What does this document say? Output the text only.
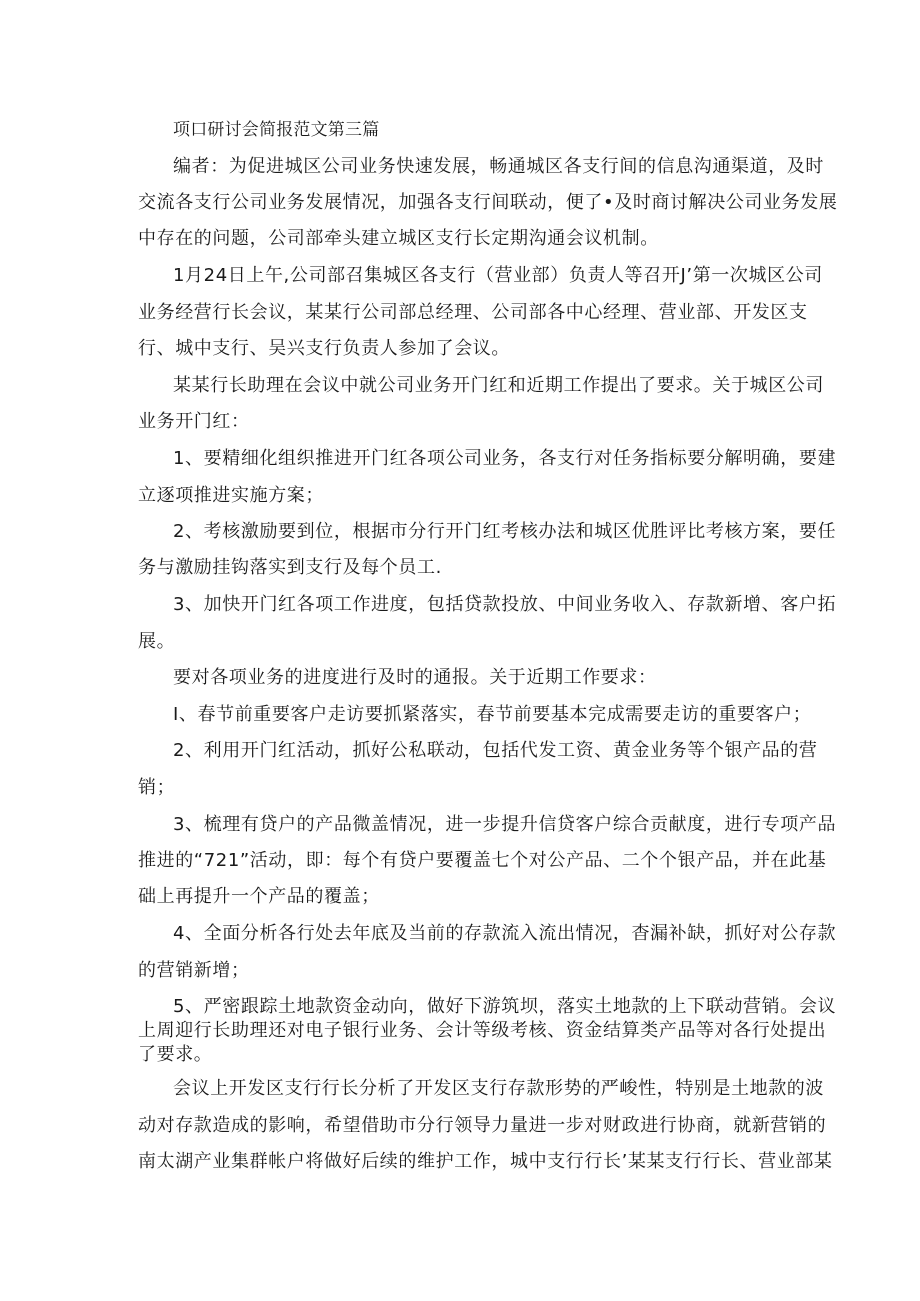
项口研讨会简报范文第三篇
编者：为促进城区公司业务快速发展，畅通城区各支行间的信息沟通渠道，及时
交流各支行公司业务发展情况，加强各支行间联动，便了•及时商讨解决公司业务发展
中存在的问题，公司部牵头建立城区支行长定期沟通会议机制。
1月24日上午,公司部召集城区各支行（营业部）负责人等召开J’第一次城区公司
业务经营行长会议，某某行公司部总经理、公司部各中心经理、营业部、开发区支
行、城中支行、吴兴支行负责人参加了会议。
某某行长助理在会议中就公司业务开门红和近期工作提出了要求。关于城区公司
业务开门红：
1、要精细化组织推进开门红各项公司业务，各支行对任务指标要分解明确，要建
立逐项推进实施方案；
2、考核激励要到位，根据市分行开门红考核办法和城区优胜评比考核方案，要任
务与激励挂钩落实到支行及每个员工.
3、加快开门红各项工作进度，包括贷款投放、中间业务收入、存款新增、客户拓
展。
要对各项业务的进度进行及时的通报。关于近期工作要求：
I、春节前重要客户走访要抓紧落实，春节前要基本完成需要走访的重要客户；
2、利用开门红活动，抓好公私联动，包括代发工资、黄金业务等个银产品的营
销；
3、梳理有贷户的产品微盖情况，进一步提升信贷客户综合贡献度，进行专项产品
推进的“721”活动，即：每个有贷户要覆盖七个对公产品、二个个银产品，并在此基
础上再提升一个产品的覆盖；
4、全面分析各行处去年底及当前的存款流入流出情况，杳漏补缺，抓好对公存款
的营销新增；
5、严密跟踪土地款资金动向，做好下游筑坝，落实土地款的上下联动营销。会议
上周迎行长助理还对电子银行业务、会计等级考核、资金结算类产品等对各行处提出
了要求。
会议上开发区支行行长分析了开发区支行存款形势的严峻性，特别是土地款的波
动对存款造成的影响，希望借助市分行领导力量进一步对财政进行协商，就新营销的
南太湖产业集群帐户将做好后续的维护工作，城中支行行长’某某支行行长、营业部某
